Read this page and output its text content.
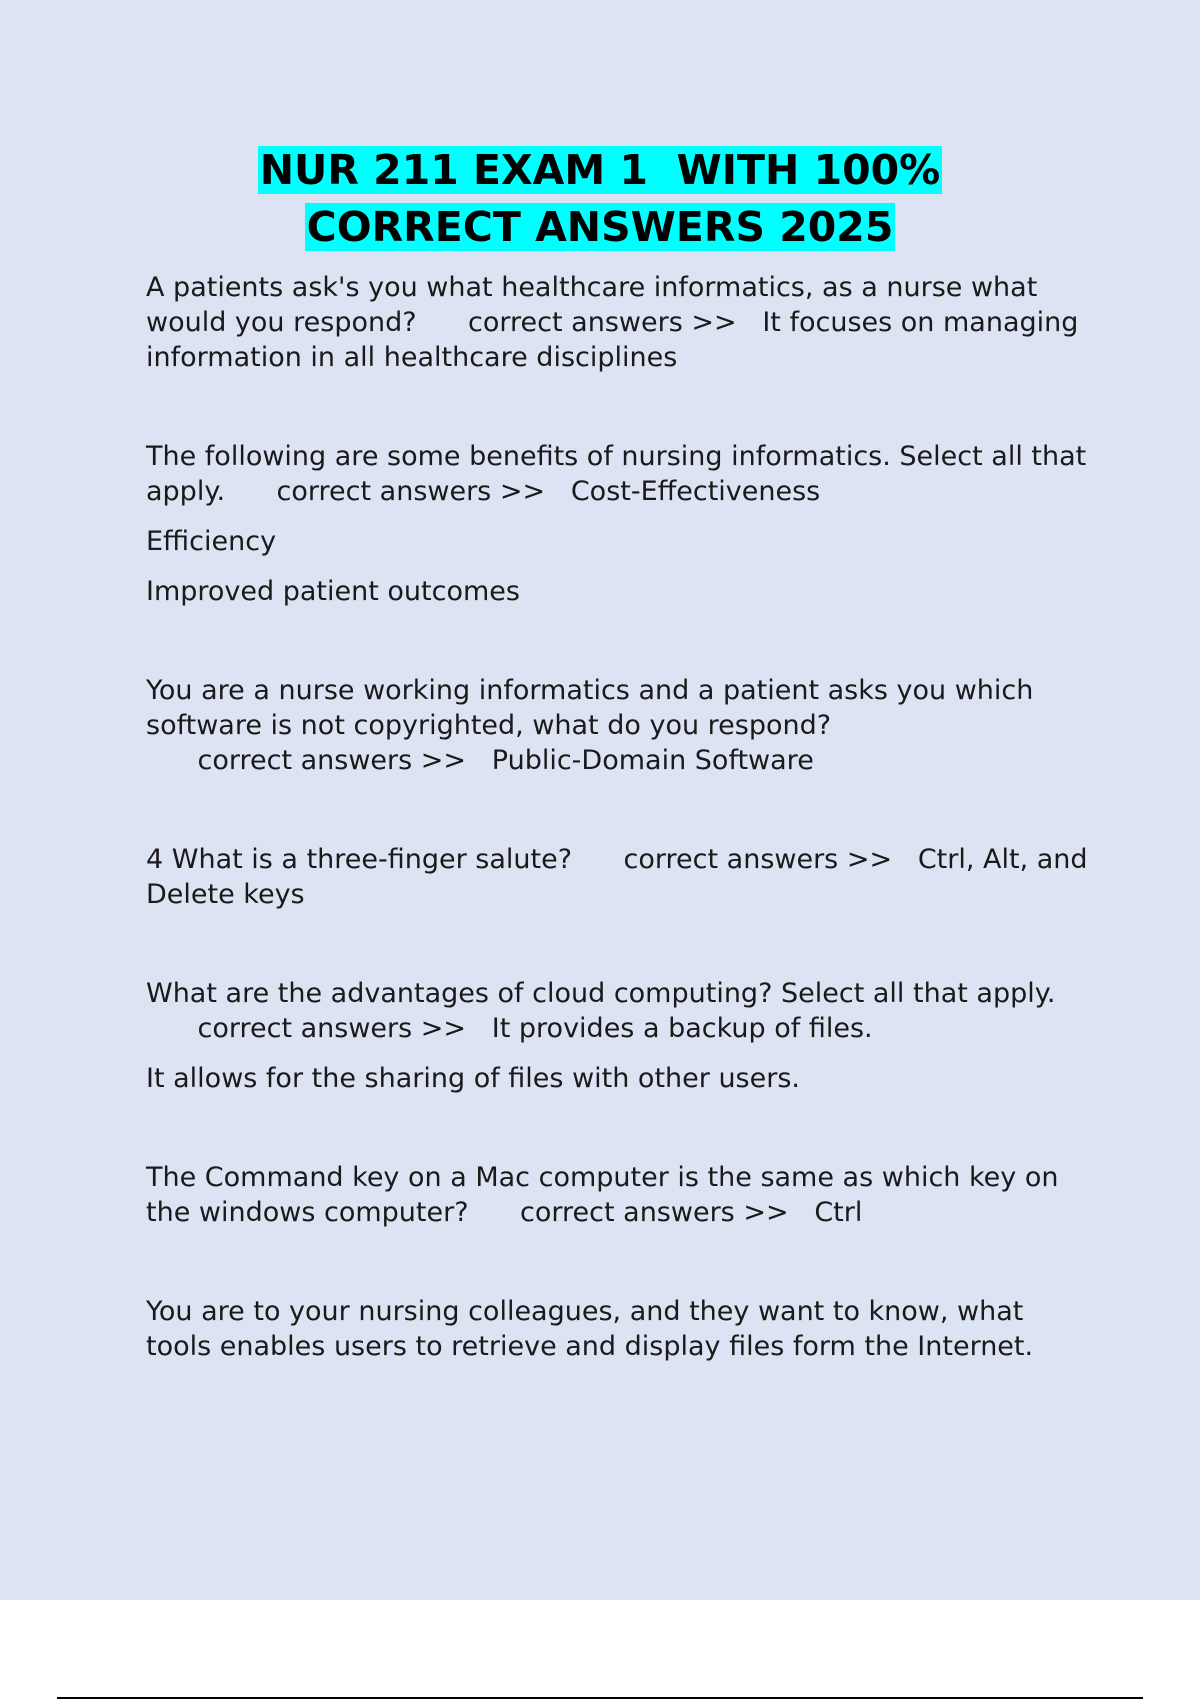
NUR 211 EXAM 1  WITH 100%
CORRECT ANSWERS 2025

A patients ask's you what healthcare informatics, as a nurse what would you respond?      correct answers >>   It focuses on managing information in all healthcare disciplines

The following are some benefits of nursing informatics. Select all that apply.      correct answers >>   Cost-Effectiveness

Efficiency

Improved patient outcomes

You are a nurse working informatics and a patient asks you which software is not copyrighted, what do you respond?      correct answers >>   Public-Domain Software

4 What is a three-finger salute?      correct answers >>   Ctrl, Alt, and Delete keys

What are the advantages of cloud computing? Select all that apply.      correct answers >>   It provides a backup of files.

It allows for the sharing of files with other users.

The Command key on a Mac computer is the same as which key on the windows computer?      correct answers >>   Ctrl

You are to your nursing colleagues, and they want to know, what tools enables users to retrieve and display files form the Internet.
